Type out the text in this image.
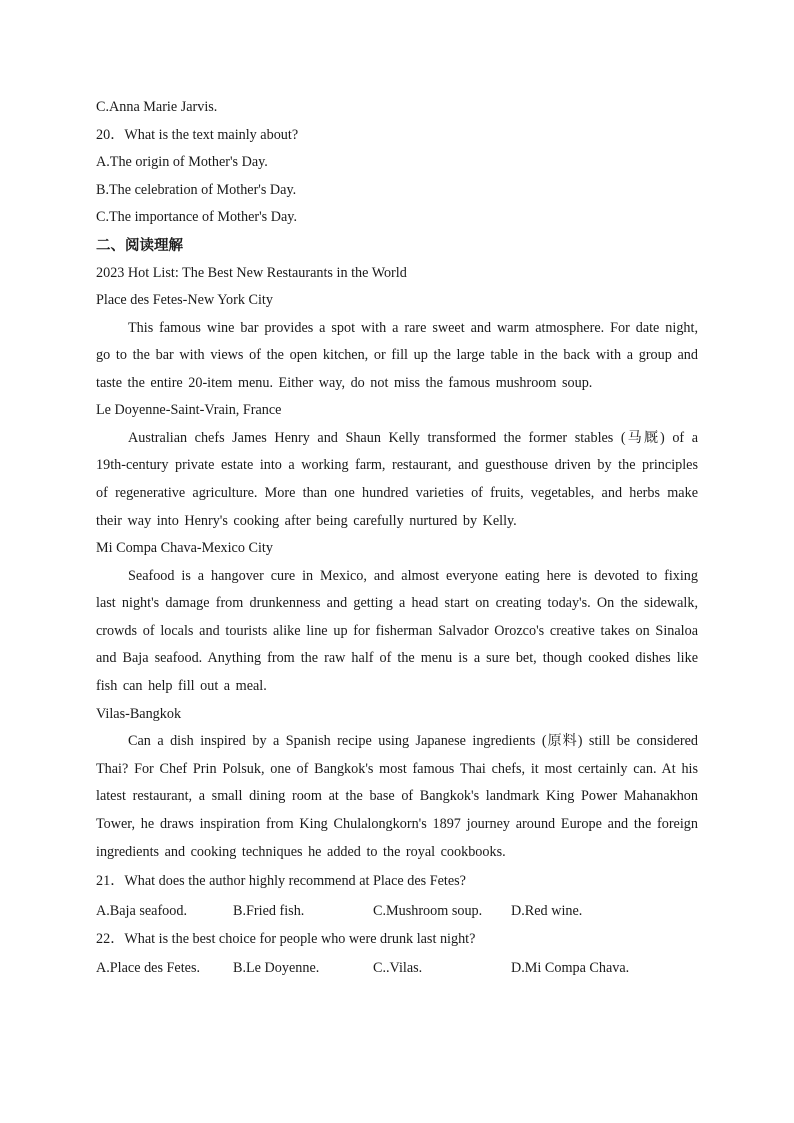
C.Anna Marie Jarvis.

20．What is the text mainly about?

A.The origin of Mother's Day.

B.The celebration of Mother's Day.

C.The importance of Mother's Day.

二、阅读理解

2023 Hot List: The Best New Restaurants in the World

Place des Fetes-New York City

This famous wine bar provides a spot with a rare sweet and warm atmosphere. For date night, go to the bar with views of the open kitchen, or fill up the large table in the back with a group and taste the entire 20-item menu. Either way, do not miss the famous mushroom soup.

Le Doyenne-Saint-Vrain, France

Australian chefs James Henry and Shaun Kelly transformed the former stables (马厩) of a 19th-century private estate into a working farm, restaurant, and guesthouse driven by the principles of regenerative agriculture. More than one hundred varieties of fruits, vegetables, and herbs make their way into Henry's cooking after being carefully nurtured by Kelly.

Mi Compa Chava-Mexico City

Seafood is a hangover cure in Mexico, and almost everyone eating here is devoted to fixing last night's damage from drunkenness and getting a head start on creating today's. On the sidewalk, crowds of locals and tourists alike line up for fisherman Salvador Orozco's creative takes on Sinaloa and Baja seafood. Anything from the raw half of the menu is a sure bet, though cooked dishes like fish can help fill out a meal.

Vilas-Bangkok

Can a dish inspired by a Spanish recipe using Japanese ingredients (原料) still be considered Thai? For Chef Prin Polsuk, one of Bangkok's most famous Thai chefs, it most certainly can. At his latest restaurant, a small dining room at the base of Bangkok's landmark King Power Mahanakhon Tower, he draws inspiration from King Chulalongkorn's 1897 journey around Europe and the foreign ingredients and cooking techniques he added to the royal cookbooks.

21．What does the author highly recommend at Place des Fetes?

A.Baja seafood.	B.Fried fish.	C.Mushroom soup.	D.Red wine.

22．What is the best choice for people who were drunk last night?

A.Place des Fetes.	B.Le Doyenne.	C..Vilas.	D.Mi Compa Chava.
